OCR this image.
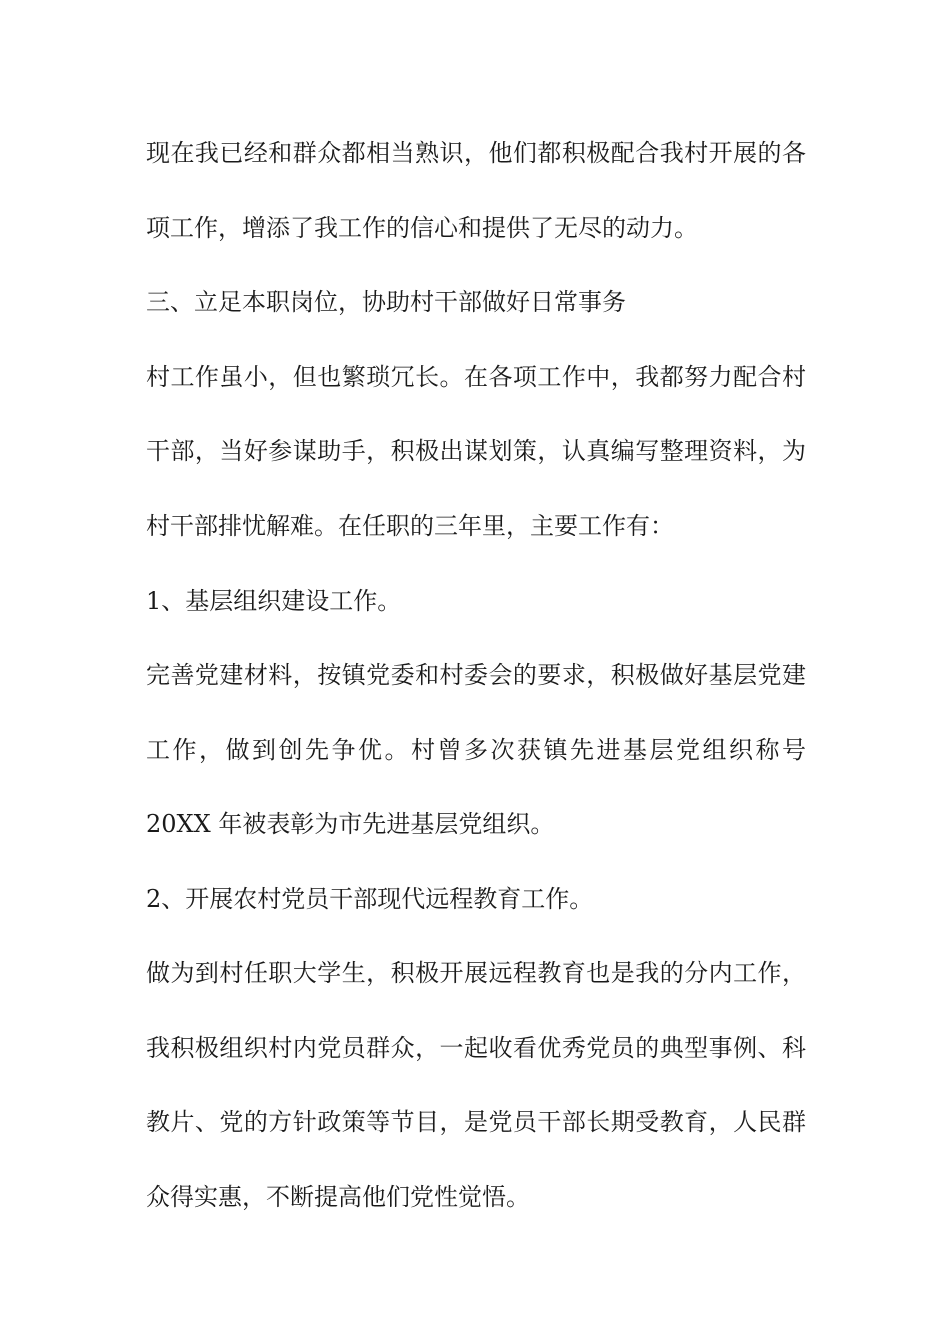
现在我已经和群众都相当熟识，他们都积极配合我村开展的各
项工作，增添了我工作的信心和提供了无尽的动力。
三、立足本职岗位，协助村干部做好日常事务
村工作虽小，但也繁琐冗长。在各项工作中，我都努力配合村
干部，当好参谋助手，积极出谋划策，认真编写整理资料，为
村干部排忧解难。在任职的三年里，主要工作有：
1、基层组织建设工作。
完善党建材料，按镇党委和村委会的要求，积极做好基层党建
工作，做到创先争优。村曾多次获镇先进基层党组织称号
20XX 年被表彰为市先进基层党组织。
2、开展农村党员干部现代远程教育工作。
做为到村任职大学生，积极开展远程教育也是我的分内工作，
我积极组织村内党员群众，一起收看优秀党员的典型事例、科
教片、党的方针政策等节目，是党员干部长期受教育，人民群
众得实惠，不断提高他们党性觉悟。
